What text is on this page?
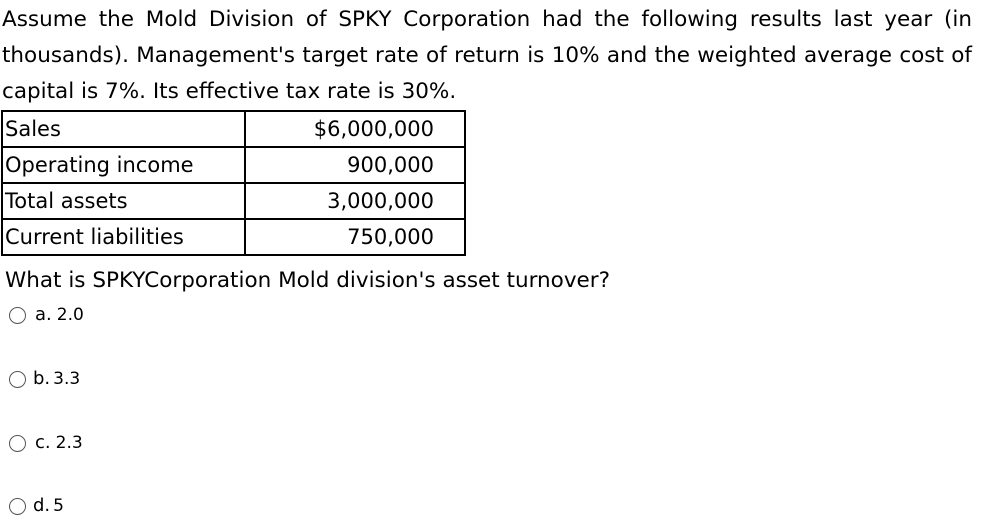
Assume the Mold Division of SPKY Corporation had the following results last year (in thousands). Management's target rate of return is 10% and the weighted average cost of capital is 7%. Its effective tax rate is 30%.

Sales	$6,000,000
Operating income	900,000
Total assets	3,000,000
Current liabilities	750,000

What is SPKYCorporation Mold division's asset turnover?

a. 2.0
b. 3.3
c. 2.3
d. 5
